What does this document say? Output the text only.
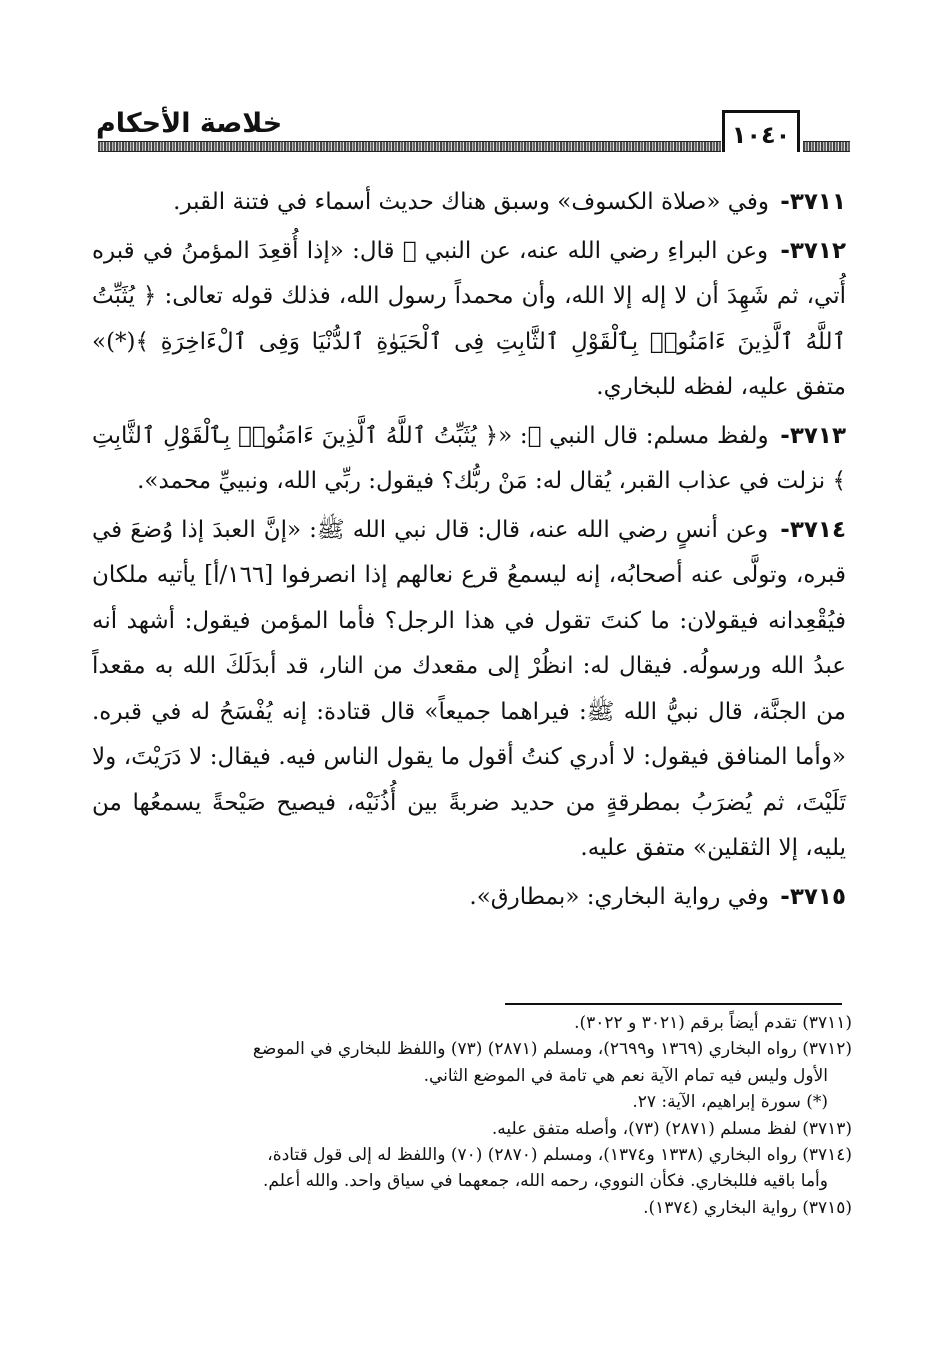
خلاصة الأحكام	١٠٤٠

٣٧١١- وفي «صلاة الكسوف» وسبق هناك حديث أسماء في فتنة القبر.

٣٧١٢- وعن البراءِ رضي الله عنه، عن النبي ﷺ قال: «إذا أُقعِدَ المؤمنُ في قبره أُتي، ثم شَهِدَ أن لا إله إلا الله، وأن محمداً رسول الله، فذلك قوله تعالى: ﴿ يُثَبِّتُ ٱللَّهُ ٱلَّذِينَ ءَامَنُوا۟ بِٱلْقَوْلِ ٱلثَّابِتِ فِى ٱلْحَيَوٰةِ ٱلدُّنْيَا وَفِى ٱلْءَاخِرَةِ ﴾(*)» متفق عليه، لفظه للبخاري.

٣٧١٣- ولفظ مسلم: قال النبي ﷺ: «﴿ يُثَبِّتُ ٱللَّهُ ٱلَّذِينَ ءَامَنُوا۟ بِٱلْقَوْلِ ٱلثَّابِتِ ﴾ نزلت في عذاب القبر، يُقال له: مَنْ ربُّك؟ فيقول: ربِّي الله، ونبييِّ محمد».

٣٧١٤- وعن أنسٍ رضي الله عنه، قال: قال نبي الله ﷺ: «إنَّ العبدَ إذا وُضعَ في قبره، وتولَّى عنه أصحابُه، إنه ليسمعُ قرع نعالهم إذا انصرفوا [١٦٦/أ] يأتيه ملكان فيُقْعِدانه فيقولان: ما كنتَ تقول في هذا الرجل؟ فأما المؤمن فيقول: أشهد أنه عبدُ الله ورسولُه. فيقال له: انظُرْ إلى مقعدك من النار، قد أبدَلَكَ الله به مقعداً من الجنَّة، قال نبيُّ الله ﷺ: فيراهما جميعاً» قال قتادة: إنه يُفْسَحُ له في قبره. «وأما المنافق فيقول: لا أدري كنتُ أقول ما يقول الناس فيه. فيقال: لا دَرَيْتَ، ولا تَلَيْتَ، ثم يُضرَبُ بمطرقةٍ من حديد ضربةً بين أُذُنَيْه، فيصيح صَيْحةً يسمعُها من يليه، إلا الثقلين» متفق عليه.

٣٧١٥- وفي رواية البخاري: «بمطارق».

(٣٧١١) تقدم أيضاً برقم (٣٠٢١ و ٣٠٢٢).

(٣٧١٢) رواه البخاري (١٣٦٩ و٢٦٩٩)، ومسلم (٢٨٧١) (٧٣) واللفظ للبخاري في الموضع

الأول وليس فيه تمام الآية نعم هي تامة في الموضع الثاني.

(*) سورة إبراهيم، الآية: ٢٧.

(٣٧١٣) لفظ مسلم (٢٨٧١) (٧٣)، وأصله متفق عليه.

(٣٧١٤) رواه البخاري (١٣٣٨ و١٣٧٤)، ومسلم (٢٨٧٠) (٧٠) واللفظ له إلى قول قتادة،

وأما باقيه فللبخاري. فكأن النووي، رحمه الله، جمعهما في سياق واحد. والله أعلم.

(٣٧١٥) رواية البخاري (١٣٧٤).
